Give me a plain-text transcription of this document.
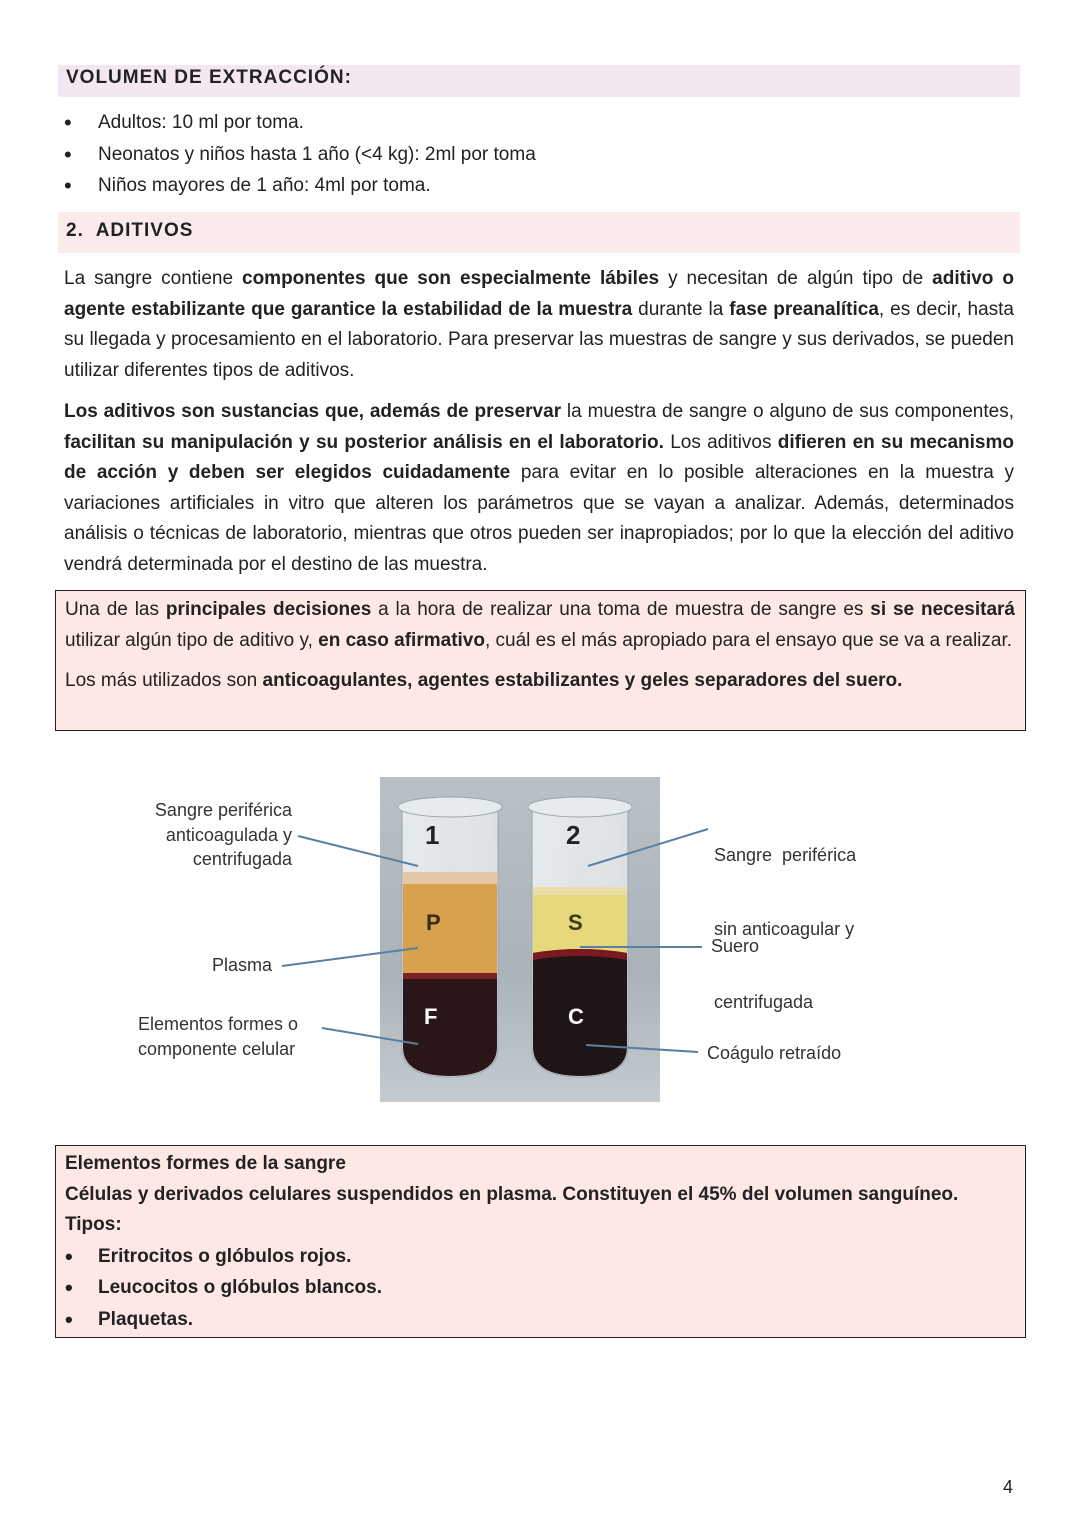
VOLUMEN DE EXTRACCIÓN:
• Adultos: 10 ml por toma.
• Neonatos y niños hasta 1 año (<4 kg): 2ml por toma
• Niños mayores de 1 año: 4ml por toma.
2.  ADITIVOS

La sangre contiene componentes que son especialmente lábiles y necesitan de algún tipo de aditivo o agente estabilizante que garantice la estabilidad de la muestra durante la fase preanalítica, es decir, hasta su llegada y procesamiento en el laboratorio. Para preservar las muestras de sangre y sus derivados, se pueden utilizar diferentes tipos de aditivos.

Los aditivos son sustancias que, además de preservar la muestra de sangre o alguno de sus componentes, facilitan su manipulación y su posterior análisis en el laboratorio. Los aditivos difieren en su mecanismo de acción y deben ser elegidos cuidadamente para evitar en lo posible alteraciones en la muestra y variaciones artificiales in vitro que alteren los parámetros que se vayan a analizar. Además, determinados análisis o técnicas de laboratorio, mientras que otros pueden ser inapropiados; por lo que la elección del aditivo vendrá determinada por el destino de las muestra.

Una de las principales decisiones a la hora de realizar una toma de muestra de sangre es si se necesitará utilizar algún tipo de aditivo y, en caso afirmativo, cuál es el más apropiado para el ensayo que se va a realizar.

Los más utilizados son anticoagulantes, agentes estabilizantes y geles separadores del suero.

1	2
P	S
F	C
Sangre periférica
anticoagulada y
centrifugada
Plasma
Elementos formes o
componente celular

Sangre  periférica

sin anticoagular y

centrifugada

Suero
Coágulo retraído

Elementos formes de la sangre

Células y derivados celulares suspendidos en plasma. Constituyen el 45% del volumen sanguíneo.

Tipos:

• Eritrocitos o glóbulos rojos.
• Leucocitos o glóbulos blancos.
• Plaquetas.
4
